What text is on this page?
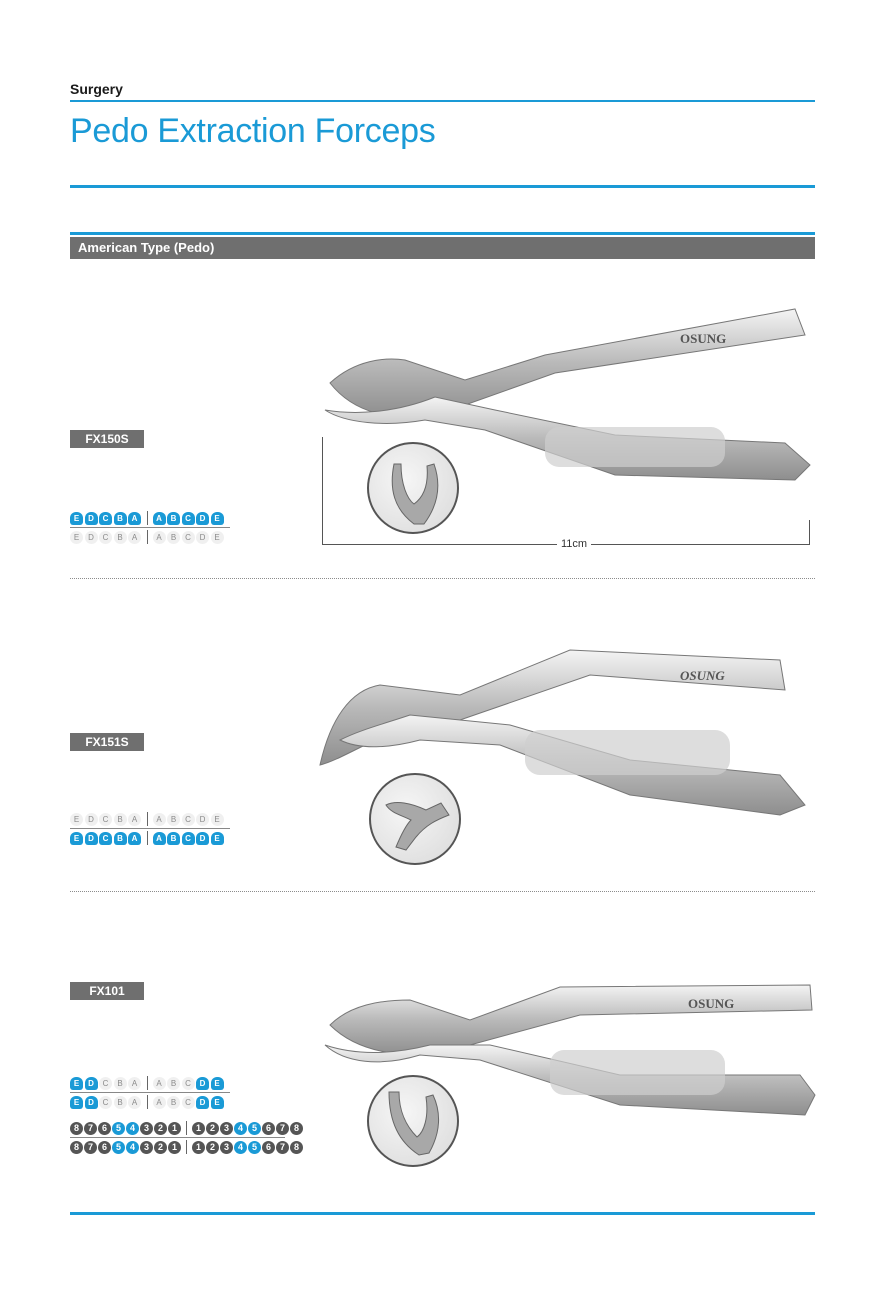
Surgery
Pedo Extraction Forceps
American Type (Pedo)
FX150S
E	D	C	B	A	A	B	C	D	E
E	D	C	B	A	A	B	C	D	E
OSUNG
11cm
FX151S
E	D	C	B	A	A	B	C	D	E
E	D	C	B	A	A	B	C	D	E
OSUNG
FX101
E	D	C	B	A	A	B	C	D	E
E	D	C	B	A	A	B	C	D	E
8 7 6 5 4 3 2 1	1 2 3 4 5 6 7 8
8 7 6 5 4 3 2 1	1 2 3 4 5 6 7 8
OSUNG
